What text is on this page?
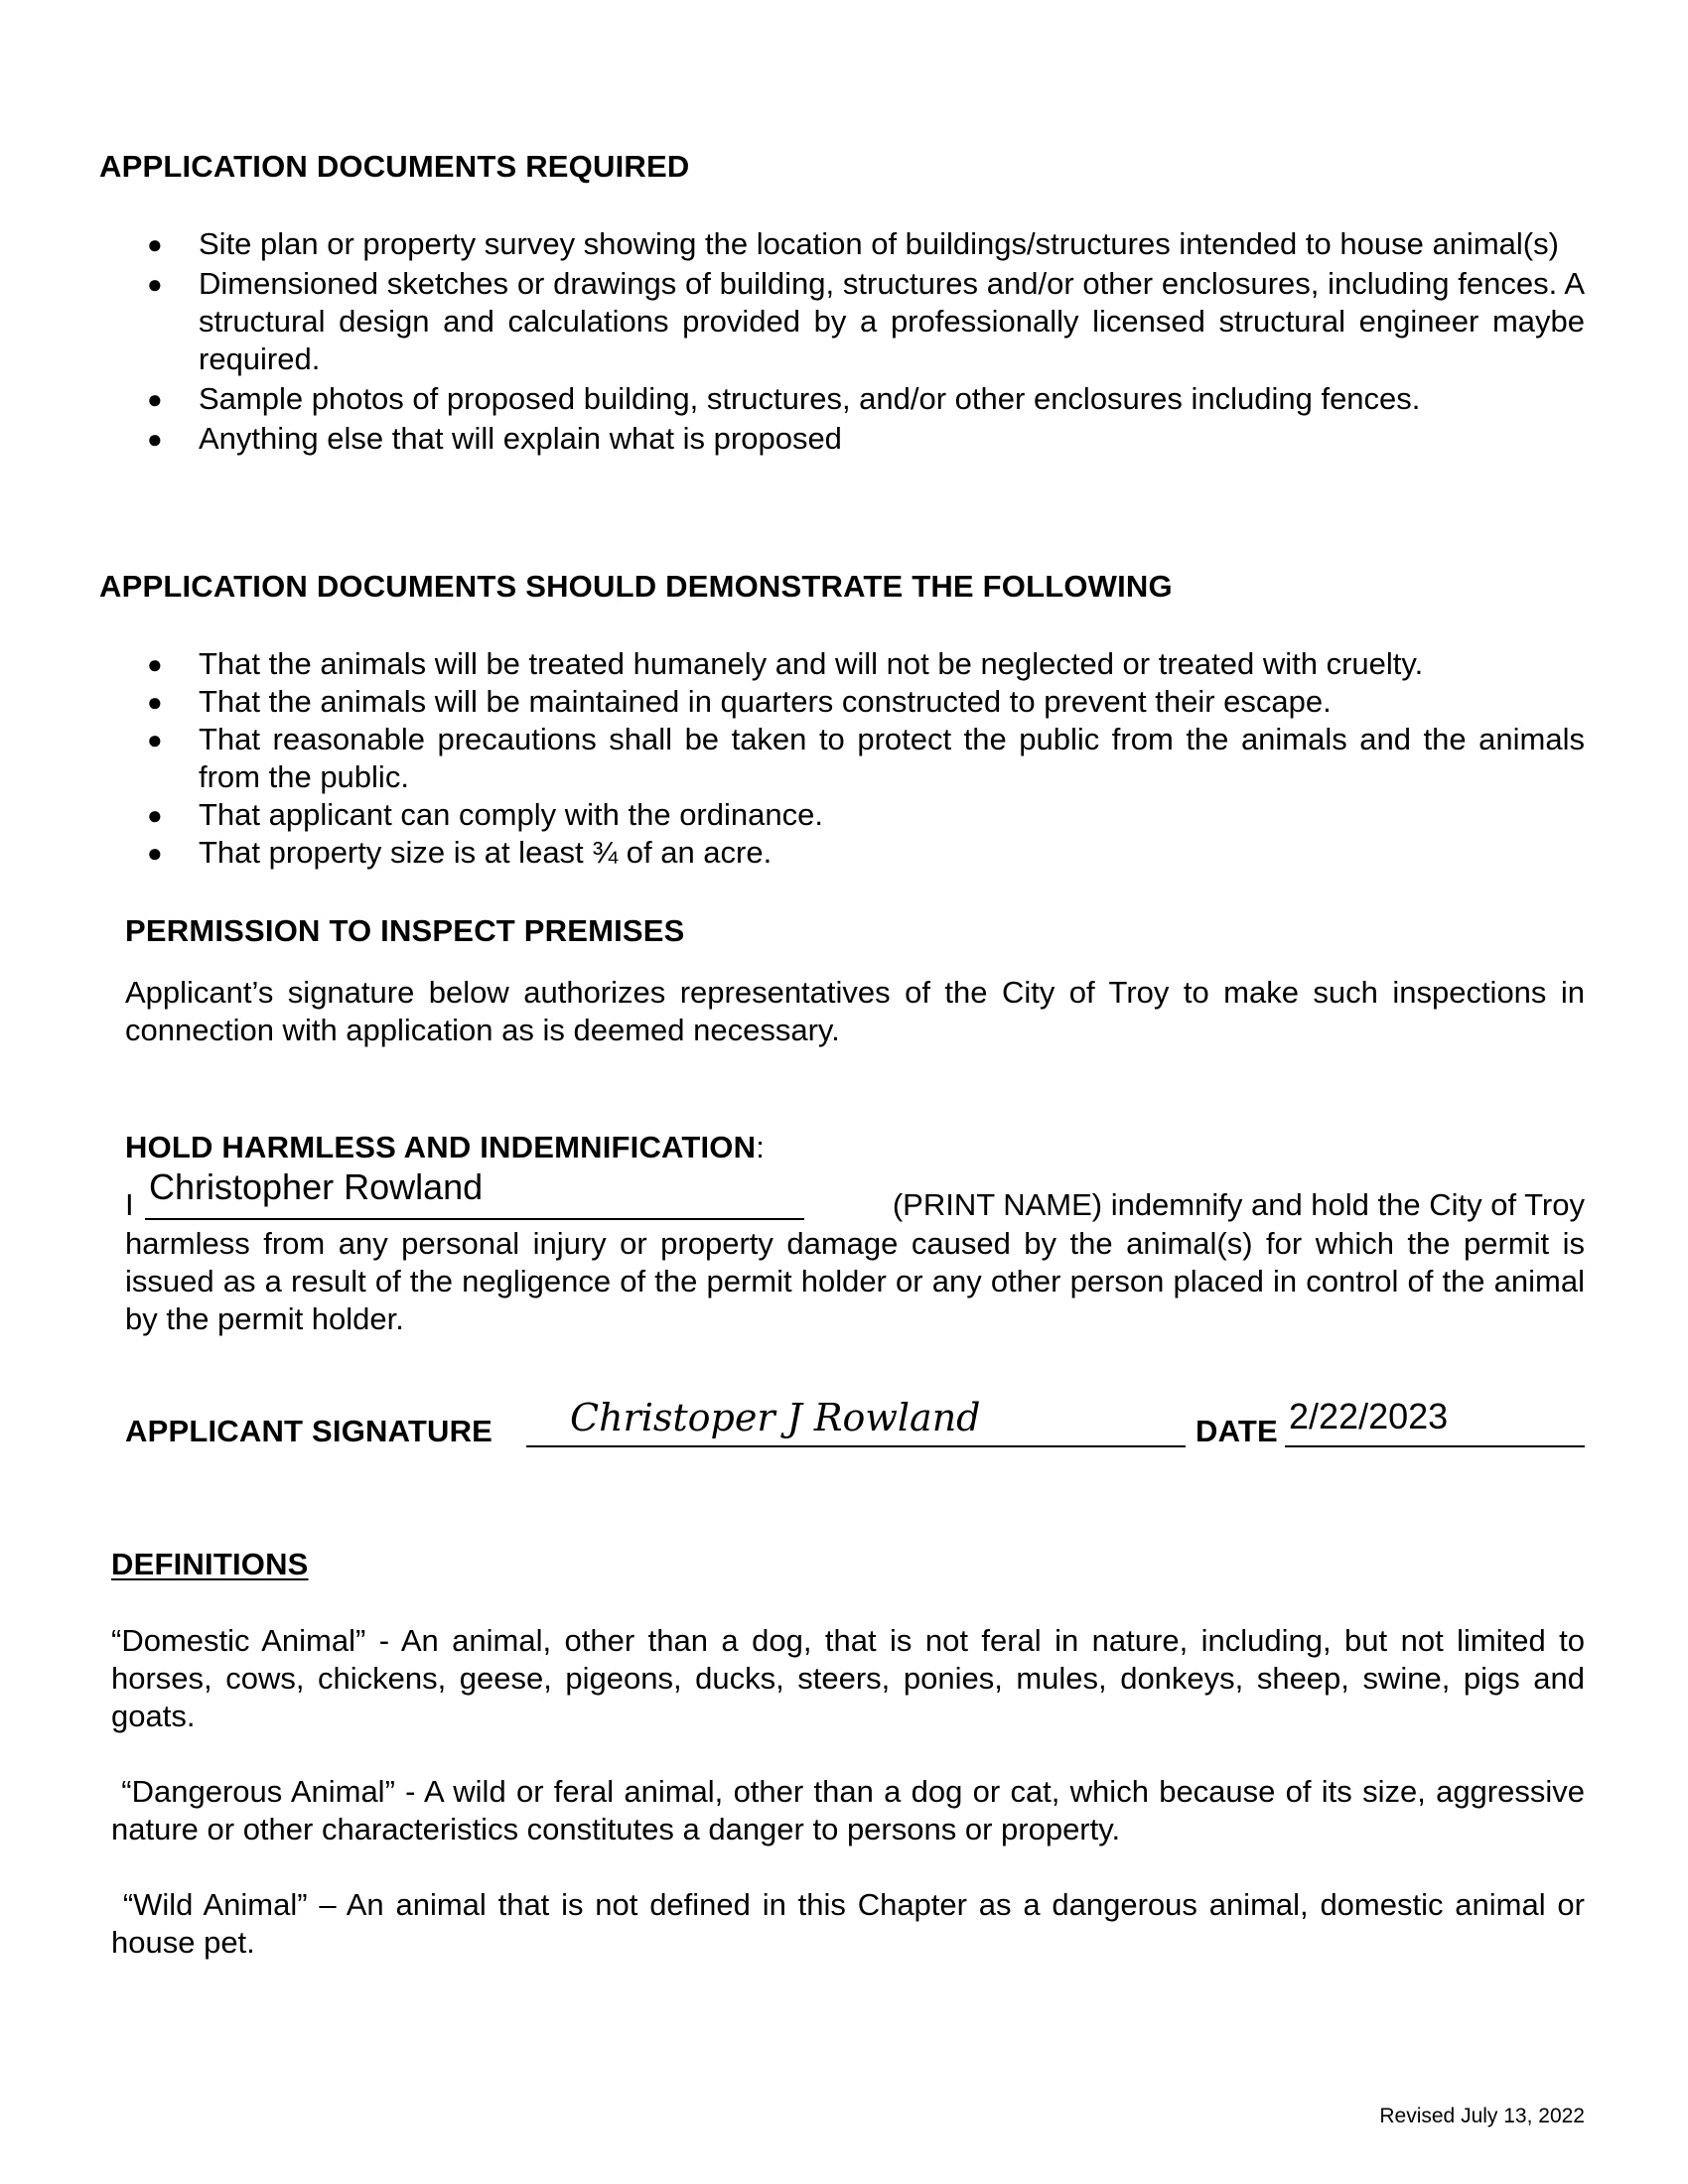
APPLICATION DOCUMENTS REQUIRED
● Site plan or property survey showing the location of buildings/structures intended to house animal(s)
● Dimensioned sketches or drawings of building, structures and/or other enclosures, including fences. A structural design and calculations provided by a professionally licensed structural engineer maybe required.
● Sample photos of proposed building, structures, and/or other enclosures including fences.
● Anything else that will explain what is proposed
APPLICATION DOCUMENTS SHOULD DEMONSTRATE THE FOLLOWING
● That the animals will be treated humanely and will not be neglected or treated with cruelty.
● That the animals will be maintained in quarters constructed to prevent their escape.
● That reasonable precautions shall be taken to protect the public from the animals and the animals from the public.
● That applicant can comply with the ordinance.
● That property size is at least ¾ of an acre.
PERMISSION TO INSPECT PREMISES
Applicant’s signature below authorizes representatives of the City of Troy to make such inspections in connection with application as is deemed necessary.
HOLD HARMLESS AND INDEMNIFICATION:
I Christopher Rowland	(PRINT NAME) indemnify and hold the City of Troy
harmless from any personal injury or property damage caused by the animal(s) for which the permit is issued as a result of the negligence of the permit holder or any other person placed in control of the animal by the permit holder.
APPLICANT SIGNATURE Christoper J Rowland	DATE 2/22/2023
DEFINITIONS
“Domestic Animal” - An animal, other than a dog, that is not feral in nature, including, but not limited to horses, cows, chickens, geese, pigeons, ducks, steers, ponies, mules, donkeys, sheep, swine, pigs and goats.
“Dangerous Animal” - A wild or feral animal, other than a dog or cat, which because of its size, aggressive nature or other characteristics constitutes a danger to persons or property.
“Wild Animal” – An animal that is not defined in this Chapter as a dangerous animal, domestic animal or house pet.
Revised July 13, 2022
